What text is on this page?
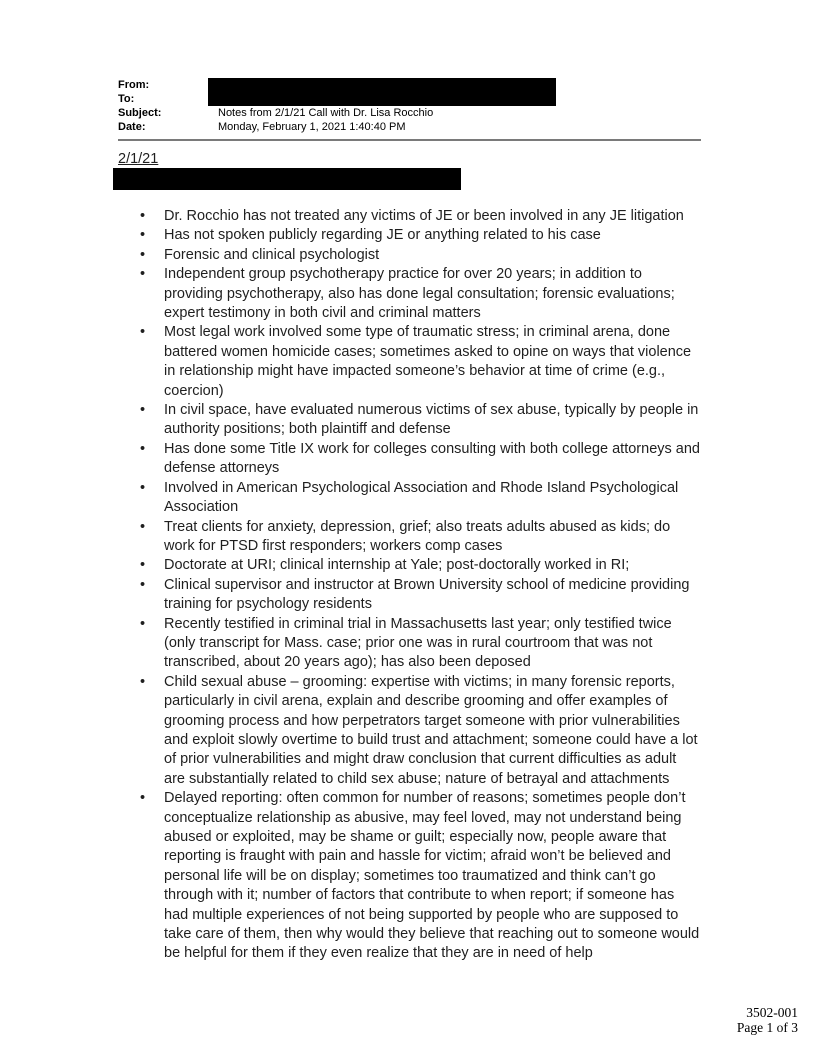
From:
To:
Subject:	Notes from 2/1/21 Call with Dr. Lisa Rocchio
Date:	Monday, February 1, 2021 1:40:40 PM
2/1/21
•	Dr. Rocchio has not treated any victims of JE or been involved in any JE litigation
•	Has not spoken publicly regarding JE or anything related to his case
•	Forensic and clinical psychologist
•	Independent group psychotherapy practice for over 20 years; in addition to providing psychotherapy, also has done legal consultation; forensic evaluations; expert testimony in both civil and criminal matters
•	Most legal work involved some type of traumatic stress; in criminal arena, done battered women homicide cases; sometimes asked to opine on ways that violence in relationship might have impacted someone’s behavior at time of crime (e.g., coercion)
•	In civil space, have evaluated numerous victims of sex abuse, typically by people in authority positions; both plaintiff and defense
•	Has done some Title IX work for colleges consulting with both college attorneys and defense attorneys
•	Involved in American Psychological Association and Rhode Island Psychological Association
•	Treat clients for anxiety, depression, grief; also treats adults abused as kids; do work for PTSD first responders; workers comp cases
•	Doctorate at URI; clinical internship at Yale; post-doctorally worked in RI;
•	Clinical supervisor and instructor at Brown University school of medicine providing training for psychology residents
•	Recently testified in criminal trial in Massachusetts last year; only testified twice (only transcript for Mass. case; prior one was in rural courtroom that was not transcribed, about 20 years ago); has also been deposed
•	Child sexual abuse – grooming: expertise with victims; in many forensic reports, particularly in civil arena, explain and describe grooming and offer examples of grooming process and how perpetrators target someone with prior vulnerabilities and exploit slowly overtime to build trust and attachment; someone could have a lot of prior vulnerabilities and might draw conclusion that current difficulties as adult are substantially related to child sex abuse; nature of betrayal and attachments
•	Delayed reporting: often common for number of reasons; sometimes people don’t conceptualize relationship as abusive, may feel loved, may not understand being abused or exploited, may be shame or guilt; especially now, people aware that reporting is fraught with pain and hassle for victim; afraid won’t be believed and personal life will be on display; sometimes too traumatized and think can’t go through with it; number of factors that contribute to when report; if someone has had multiple experiences of not being supported by people who are supposed to take care of them, then why would they believe that reaching out to someone would be helpful for them if they even realize that they are in need of help
3502-001
Page 1 of 3
